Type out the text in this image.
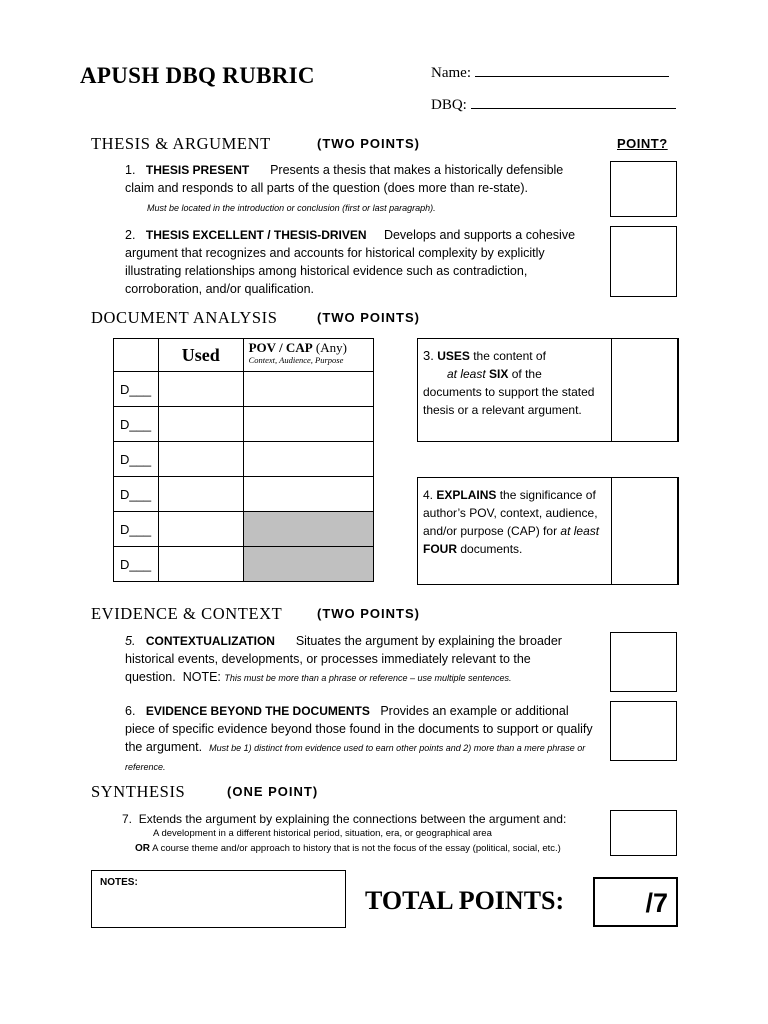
APUSH DBQ RUBRIC	Name:
DBQ:
THESIS & ARGUMENT	(TWO POINTS)	POINT?
1. THESIS PRESENT Presents a thesis that makes a historically defensible claim and responds to all parts of the question (does more than re-state).
Must be located in the introduction or conclusion (first or last paragraph).
2. THESIS EXCELLENT / THESIS-DRIVEN Develops and supports a cohesive argument that recognizes and accounts for historical complexity by explicitly illustrating relationships among historical evidence such as contradiction, corroboration, and/or qualification.
DOCUMENT ANALYSIS	(TWO POINTS)
	Used	POV / CAP (Any)
Context, Audience, Purpose

D___		
D___		
D___		
D___		
D___		
D___		
3. USES the content of
at least SIX of the documents to support the stated thesis or a relevant argument.
4. EXPLAINS the significance of author’s POV, context, audience, and/or purpose (CAP) for at least FOUR documents.
EVIDENCE & CONTEXT	(TWO POINTS)
5. CONTEXTUALIZATION Situates the argument by explaining the broader historical events, developments, or processes immediately relevant to the question. NOTE: This must be more than a phrase or reference – use multiple sentences.
6. EVIDENCE BEYOND THE DOCUMENTS Provides an example or additional piece of specific evidence beyond those found in the documents to support or qualify the argument. Must be 1) distinct from evidence used to earn other points and 2) more than a mere phrase or reference.
SYNTHESIS	(ONE POINT)
7. Extends the argument by explaining the connections between the argument and:
A development in a different historical period, situation, era, or geographical area
OR A course theme and/or approach to history that is not the focus of the essay (political, social, etc.)
NOTES:
TOTAL POINTS:	/7
